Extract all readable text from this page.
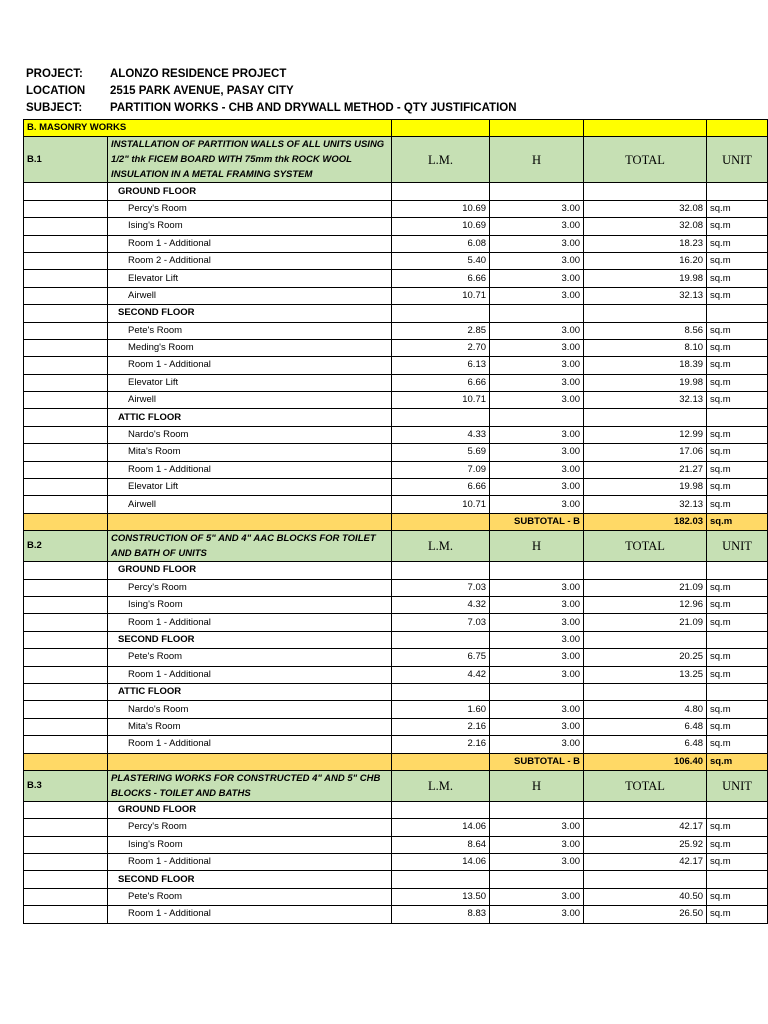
PROJECT: ALONZO RESIDENCE PROJECT
LOCATION 2515 PARK AVENUE, PASAY CITY
SUBJECT: PARTITION WORKS - CHB AND DRYWALL METHOD - QTY JUSTIFICATION
B. MASONRY WORKS					
B.1	INSTALLATION OF PARTITION WALLS OF ALL UNITS USING 1/2" thk FICEM BOARD WITH 75mm thk ROCK WOOL INSULATION IN A METAL FRAMING SYSTEM	L.M.	H	TOTAL	UNIT
	GROUND FLOOR				
	Percy's Room	10.69	3.00	32.08	sq.m
	Ising's Room	10.69	3.00	32.08	sq.m
	Room 1 - Additional	6.08	3.00	18.23	sq.m
	Room 2 - Additional	5.40	3.00	16.20	sq.m
	Elevator Lift	6.66	3.00	19.98	sq.m
	Airwell	10.71	3.00	32.13	sq.m
	SECOND FLOOR				
	Pete's Room	2.85	3.00	8.56	sq.m
	Meding's Room	2.70	3.00	8.10	sq.m
	Room 1 - Additional	6.13	3.00	18.39	sq.m
	Elevator Lift	6.66	3.00	19.98	sq.m
	Airwell	10.71	3.00	32.13	sq.m
	ATTIC FLOOR				
	Nardo's Room	4.33	3.00	12.99	sq.m
	Mita's Room	5.69	3.00	17.06	sq.m
	Room 1 - Additional	7.09	3.00	21.27	sq.m
	Elevator Lift	6.66	3.00	19.98	sq.m
	Airwell	10.71	3.00	32.13	sq.m
			SUBTOTAL - B	182.03	sq.m
B.2	CONSTRUCTION OF 5" AND 4" AAC BLOCKS FOR TOILET AND BATH OF UNITS	L.M.	H	TOTAL	UNIT
	GROUND FLOOR				
	Percy's Room	7.03	3.00	21.09	sq.m
	Ising's Room	4.32	3.00	12.96	sq.m
	Room 1 - Additional	7.03	3.00	21.09	sq.m
	SECOND FLOOR		3.00		
	Pete's Room	6.75	3.00	20.25	sq.m
	Room 1 - Additional	4.42	3.00	13.25	sq.m
	ATTIC FLOOR				
	Nardo's Room	1.60	3.00	4.80	sq.m
	Mita's Room	2.16	3.00	6.48	sq.m
	Room 1 - Additional	2.16	3.00	6.48	sq.m
			SUBTOTAL - B	106.40	sq.m
B.3	PLASTERING WORKS FOR CONSTRUCTED 4" AND 5" CHB BLOCKS - TOILET AND BATHS	L.M.	H	TOTAL	UNIT
	GROUND FLOOR				
	Percy's Room	14.06	3.00	42.17	sq.m
	Ising's Room	8.64	3.00	25.92	sq.m
	Room 1 - Additional	14.06	3.00	42.17	sq.m
	SECOND FLOOR				
	Pete's Room	13.50	3.00	40.50	sq.m
	Room 1 - Additional	8.83	3.00	26.50	sq.m
